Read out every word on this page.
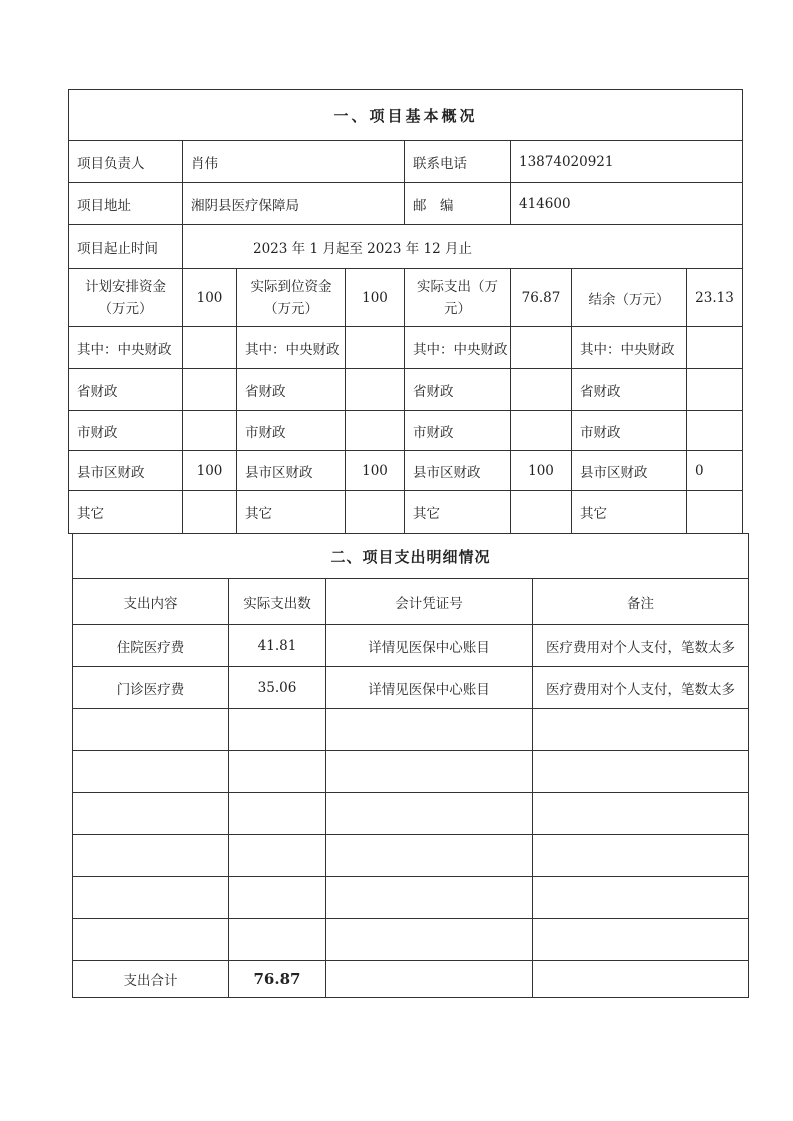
一、项目基本概况							
项目负责人	肖伟			联系电话	13874020921		
项目地址	湘阴县医疗保障局			邮　编	414600		
项目起止时间	2023 年 1 月起至 2023 年 12 月止						
计划安排资金（万元）	100	实际到位资金（万元）	100	实际支出（万元）	76.87	结余（万元）	23.13
其中：中央财政		其中：中央财政		其中：中央财政		其中：中央财政	
省财政		省财政		省财政		省财政	
市财政		市财政		市财政		市财政	
县市区财政	100	县市区财政	100	县市区财政	100	县市区财政	0
其它		其它		其它		其它	
二、项目支出明细情况			
支出内容	实际支出数	会计凭证号	备注
住院医疗费	41.81	详情见医保中心账目	医疗费用对个人支付，笔数太多
门诊医疗费	35.06	详情见医保中心账目	医疗费用对个人支付，笔数太多

支出合计	76.87		
